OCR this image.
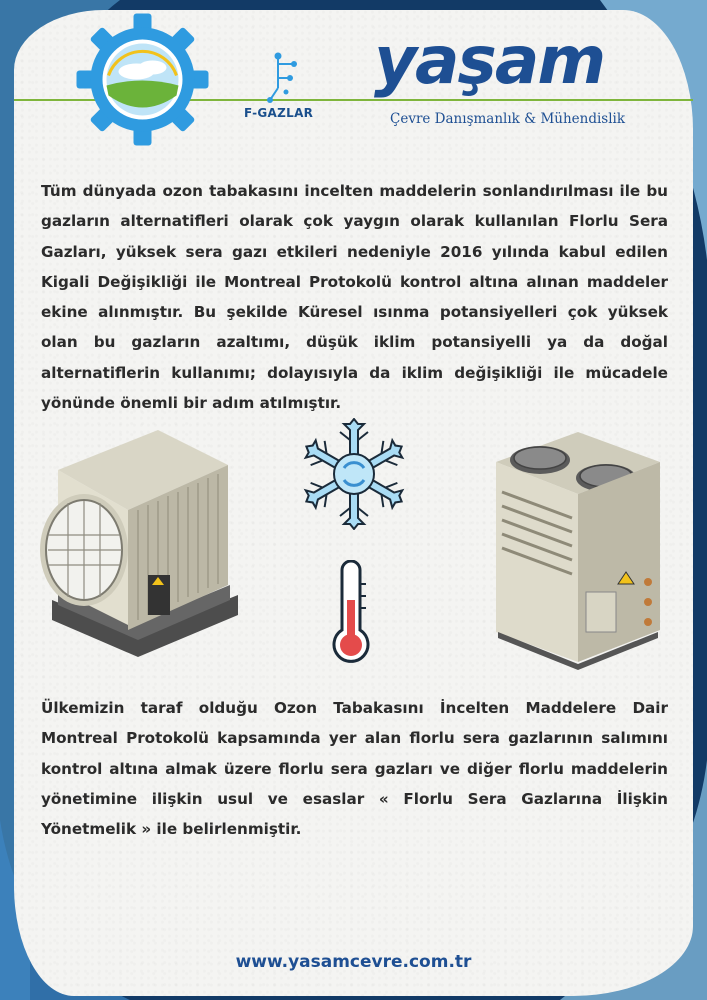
F-GAZLAR
yaşam
Çevre Danışmanlık & Mühendislik

Tüm dünyada ozon tabakasını incelten maddelerin sonlandırılması ile bu gazların alternatifleri olarak çok yaygın olarak kullanılan Florlu Sera Gazları, yüksek sera gazı etkileri nedeniyle 2016 yılında kabul edilen Kigali Değişikliği ile Montreal Protokolü kontrol altına alınan maddeler ekine alınmıştır. Bu şekilde Küresel ısınma potansiyelleri çok yüksek olan bu gazların azaltımı, düşük iklim potansiyelli ya da doğal alternatiflerin kullanımı; dolayısıyla da iklim değişikliği ile mücadele yönünde önemli bir adım atılmıştır.

Ülkemizin taraf olduğu Ozon Tabakasını İncelten Maddelere Dair Montreal Protokolü kapsamında yer alan florlu sera gazlarının salımını kontrol altına almak üzere florlu sera gazları ve diğer florlu maddelerin yönetimine ilişkin usul ve esaslar « Florlu Sera Gazlarına İlişkin Yönetmelik » ile belirlenmiştir.

www.yasamcevre.com.tr
